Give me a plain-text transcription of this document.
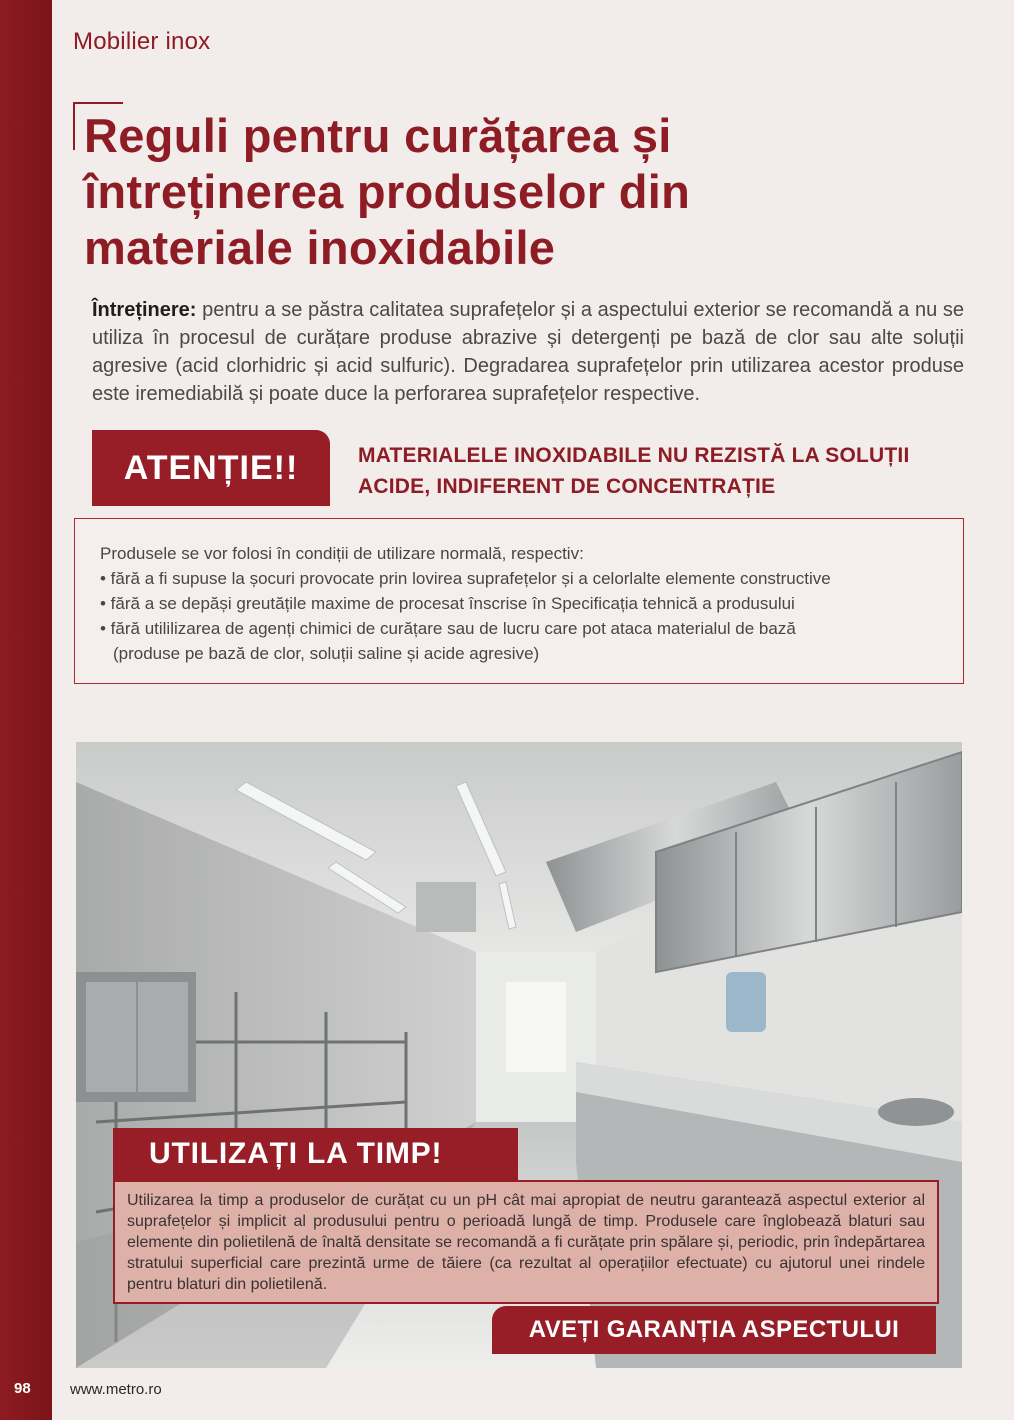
Mobilier inox
Reguli pentru curățarea și
întreținerea produselor din
materiale inoxidabile

Întreținere: pentru a se păstra calitatea suprafețelor și a aspectului exterior se recomandă a nu se utiliza în procesul de curățare produse abrazive și detergenți pe bază de clor sau alte soluții agresive (acid clorhidric și acid sulfuric). Degradarea suprafețelor prin utilizarea acestor produse este iremediabilă și poate duce la perforarea suprafețelor respective.

ATENȚIE!!	MATERIALELE INOXIDABILE NU REZISTĂ LA SOLUȚII
ACIDE, INDIFERENT DE CONCENTRAȚIE
Produsele se vor folosi în condiții de utilizare normală, respectiv:
• fără a fi supuse la șocuri provocate prin lovirea suprafețelor și a celorlalte elemente constructive
• fără a se depăși greutățile maxime de procesat înscrise în Specificația tehnică a produsului
• fără utililizarea de agenți chimici de curățare sau de lucru care pot ataca materialul de bază
(produse pe bază de clor, soluții saline și acide agresive)
UTILIZAȚI LA TIMP!

Utilizarea la timp a produselor de curățat cu un pH cât mai apropiat de neutru garantează aspectul exterior al suprafețelor și implicit al produsului pentru o perioadă lungă de timp. Produsele care înglobează blaturi sau elemente din polietilenă de înaltă densitate se recomandă a fi curățate prin spălare și, periodic, prin îndepărtarea stratului superficial care prezintă urme de tăiere (ca rezultat al operațiilor efectuate) cu ajutorul unei rindele pentru blaturi din polietilenă.

AVEȚI GARANȚIA ASPECTULUI
98	www.metro.ro
